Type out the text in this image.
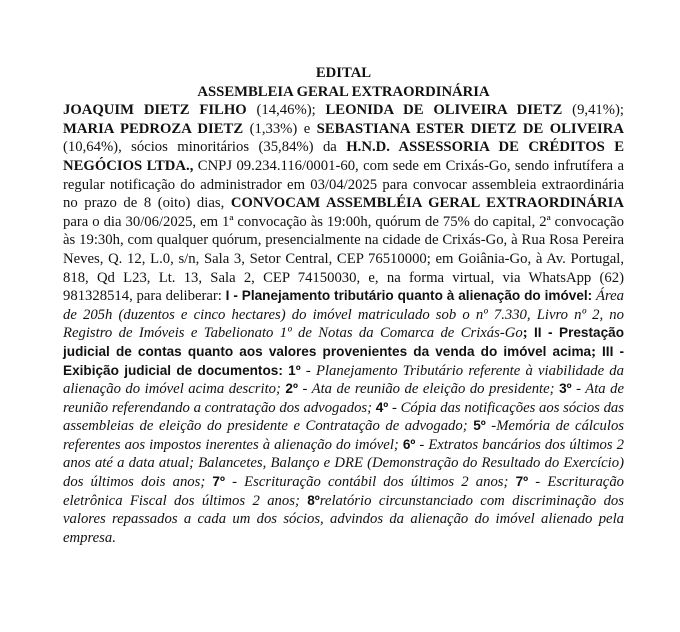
EDITAL

ASSEMBLEIA GERAL EXTRAORDINÁRIA

JOAQUIM DIETZ FILHO (14,46%); LEONIDA DE OLIVEIRA DIETZ (9,41%); MARIA PEDROZA DIETZ (1,33%) e SEBASTIANA ESTER DIETZ DE OLIVEIRA (10,64%), sócios minoritários (35,84%) da H.N.D. ASSESSORIA DE CRÉDITOS E NEGÓCIOS LTDA., CNPJ 09.234.116/0001-60, com sede em Crixás-Go, sendo infrutífera a regular notificação do administrador em 03/04/2025 para convocar assembleia extraordinária no prazo de 8 (oito) dias, CONVOCAM ASSEMBLÉIA GERAL EXTRAORDINÁRIA para o dia 30/06/2025, em 1ª convocação às 19:00h, quórum de 75% do capital, 2ª convocação às 19:30h, com qualquer quórum, presencialmente na cidade de Crixás-Go, à Rua Rosa Pereira Neves, Q. 12, L.0, s/n, Sala 3, Setor Central, CEP 76510000; em Goiânia-Go, à Av. Portugal, 818, Qd L23, Lt. 13, Sala 2, CEP 74150030, e, na forma virtual, via WhatsApp (62) 981328514, para deliberar: I - Planejamento tributário quanto à alienação do imóvel: Área de 205h (duzentos e cinco hectares) do imóvel matriculado sob o nº 7.330, Livro nº 2, no Registro de Imóveis e Tabelionato 1º de Notas da Comarca de Crixás-Go; II - Prestação judicial de contas quanto aos valores provenientes da venda do imóvel acima; III - Exibição judicial de documentos: 1º - Planejamento Tributário referente à viabilidade da alienação do imóvel acima descrito; 2º - Ata de reunião de eleição do presidente; 3º - Ata de reunião referendando a contratação dos advogados; 4º - Cópia das notificações aos sócios das assembleias de eleição do presidente e Contratação de advogado; 5º -Memória de cálculos referentes aos impostos inerentes à alienação do imóvel; 6º - Extratos bancários dos últimos 2 anos até a data atual; Balancetes, Balanço e DRE (Demonstração do Resultado do Exercício) dos últimos dois anos; 7º - Escrituração contábil dos últimos 2 anos; 7º - Escrituração eletrônica Fiscal dos últimos 2 anos; 8ºrelatório circunstanciado com discriminação dos valores repassados a cada um dos sócios, advindos da alienação do imóvel alienado pela empresa.
